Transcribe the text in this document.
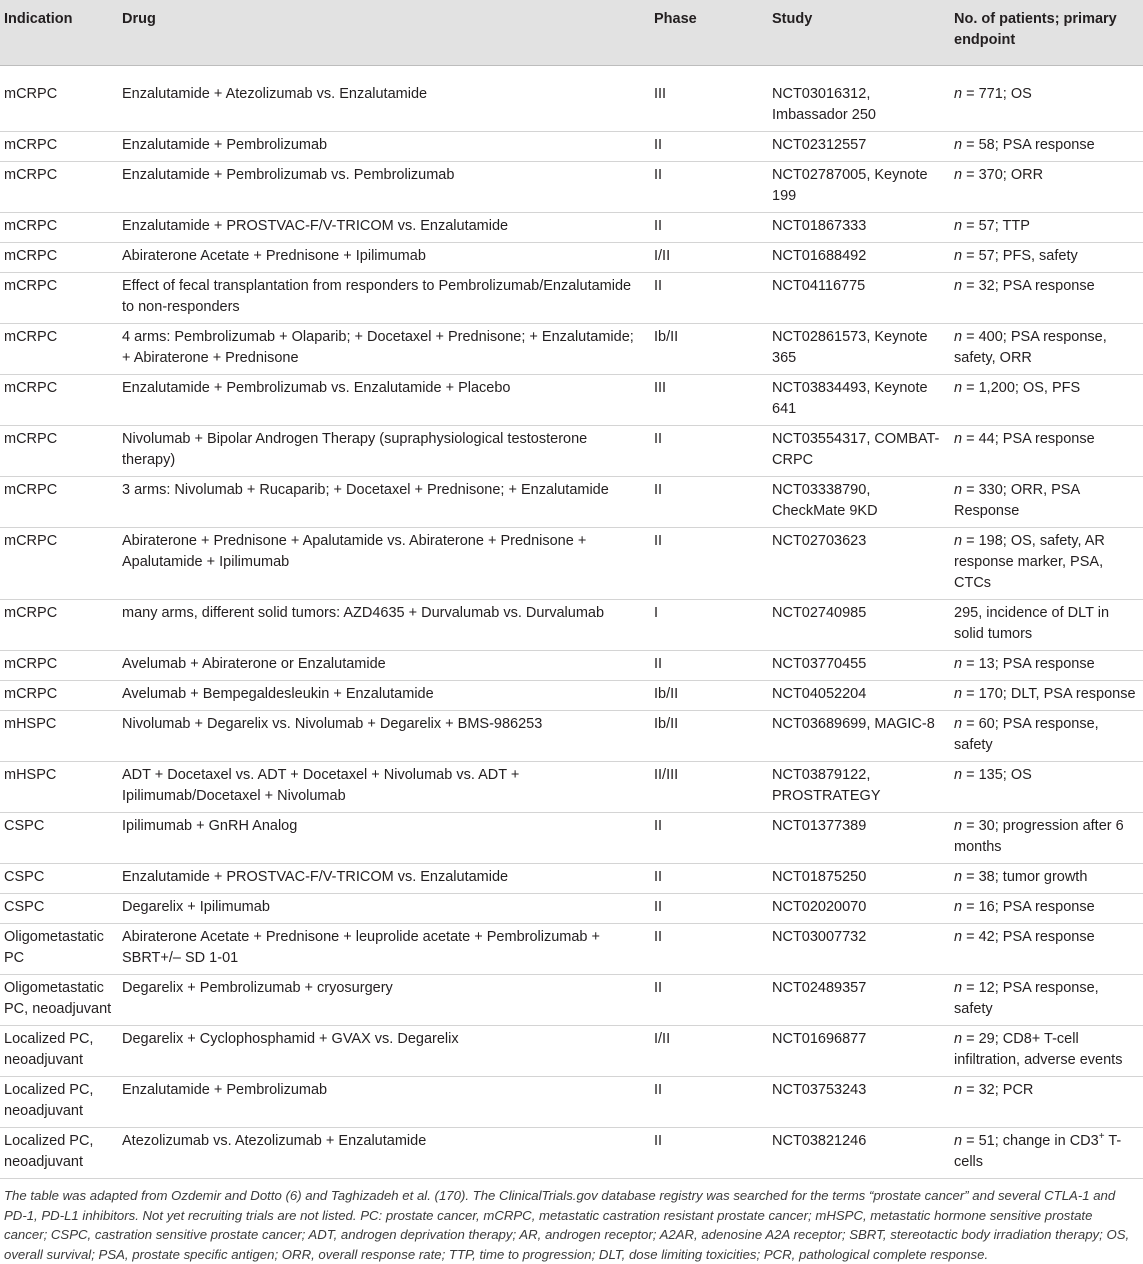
Indication	Drug	Phase	Study	No. of patients; primary endpoint
mCRPC	Enzalutamide + Atezolizumab vs. Enzalutamide	III	NCT03016312, Imbassador 250	n = 771; OS
mCRPC	Enzalutamide + Pembrolizumab	II	NCT02312557	n = 58; PSA response
mCRPC	Enzalutamide + Pembrolizumab vs. Pembrolizumab	II	NCT02787005, Keynote 199	n = 370; ORR
mCRPC	Enzalutamide + PROSTVAC-F/V-TRICOM vs. Enzalutamide	II	NCT01867333	n = 57; TTP
mCRPC	Abiraterone Acetate + Prednisone + Ipilimumab	I/II	NCT01688492	n = 57; PFS, safety
mCRPC	Effect of fecal transplantation from responders to Pembrolizumab/Enzalutamide to non-responders	II	NCT04116775	n = 32; PSA response
mCRPC	4 arms: Pembrolizumab + Olaparib; + Docetaxel + Prednisone; + Enzalutamide; + Abiraterone + Prednisone	Ib/II	NCT02861573, Keynote 365	n = 400; PSA response, safety, ORR
mCRPC	Enzalutamide + Pembrolizumab vs. Enzalutamide + Placebo	III	NCT03834493, Keynote 641	n = 1,200; OS, PFS
mCRPC	Nivolumab + Bipolar Androgen Therapy (supraphysiological testosterone therapy)	II	NCT03554317, COMBAT-CRPC	n = 44; PSA response
mCRPC	3 arms: Nivolumab + Rucaparib; + Docetaxel + Prednisone; + Enzalutamide	II	NCT03338790, CheckMate 9KD	n = 330; ORR, PSA Response
mCRPC	Abiraterone + Prednisone + Apalutamide vs. Abiraterone + Prednisone + Apalutamide + Ipilimumab	II	NCT02703623	n = 198; OS, safety, AR response marker, PSA, CTCs
mCRPC	many arms, different solid tumors: AZD4635 + Durvalumab vs. Durvalumab	I	NCT02740985	295, incidence of DLT in solid tumors
mCRPC	Avelumab + Abiraterone or Enzalutamide	II	NCT03770455	n = 13; PSA response
mCRPC	Avelumab + Bempegaldesleukin + Enzalutamide	Ib/II	NCT04052204	n = 170; DLT, PSA response
mHSPC	Nivolumab + Degarelix vs. Nivolumab + Degarelix + BMS-986253	Ib/II	NCT03689699, MAGIC-8	n = 60; PSA response, safety
mHSPC	ADT + Docetaxel vs. ADT + Docetaxel + Nivolumab vs. ADT + Ipilimumab/Docetaxel + Nivolumab	II/III	NCT03879122, PROSTRATEGY	n = 135; OS
CSPC	Ipilimumab + GnRH Analog	II	NCT01377389	n = 30; progression after 6 months
CSPC	Enzalutamide + PROSTVAC-F/V-TRICOM vs. Enzalutamide	II	NCT01875250	n = 38; tumor growth
CSPC	Degarelix + Ipilimumab	II	NCT02020070	n = 16; PSA response
Oligometastatic PC	Abiraterone Acetate + Prednisone + leuprolide acetate + Pembrolizumab + SBRT+/– SD 1-01	II	NCT03007732	n = 42; PSA response
Oligometastatic PC, neoadjuvant	Degarelix + Pembrolizumab + cryosurgery	II	NCT02489357	n = 12; PSA response, safety
Localized PC, neoadjuvant	Degarelix + Cyclophosphamid + GVAX vs. Degarelix	I/II	NCT01696877	n = 29; CD8+ T-cell infiltration, adverse events
Localized PC, neoadjuvant	Enzalutamide + Pembrolizumab	II	NCT03753243	n = 32; PCR
Localized PC, neoadjuvant	Atezolizumab vs. Atezolizumab + Enzalutamide	II	NCT03821246	n = 51; change in CD3+ T-cells
The table was adapted from Ozdemir and Dotto (6) and Taghizadeh et al. (170). The ClinicalTrials.gov database registry was searched for the terms “prostate cancer” and several CTLA-1 and PD-1, PD-L1 inhibitors. Not yet recruiting trials are not listed. PC: prostate cancer, mCRPC, metastatic castration resistant prostate cancer; mHSPC, metastatic hormone sensitive prostate cancer; CSPC, castration sensitive prostate cancer; ADT, androgen deprivation therapy; AR, androgen receptor; A2AR, adenosine A2A receptor; SBRT, stereotactic body irradiation therapy; OS, overall survival; PSA, prostate specific antigen; ORR, overall response rate; TTP, time to progression; DLT, dose limiting toxicities; PCR, pathological complete response.
